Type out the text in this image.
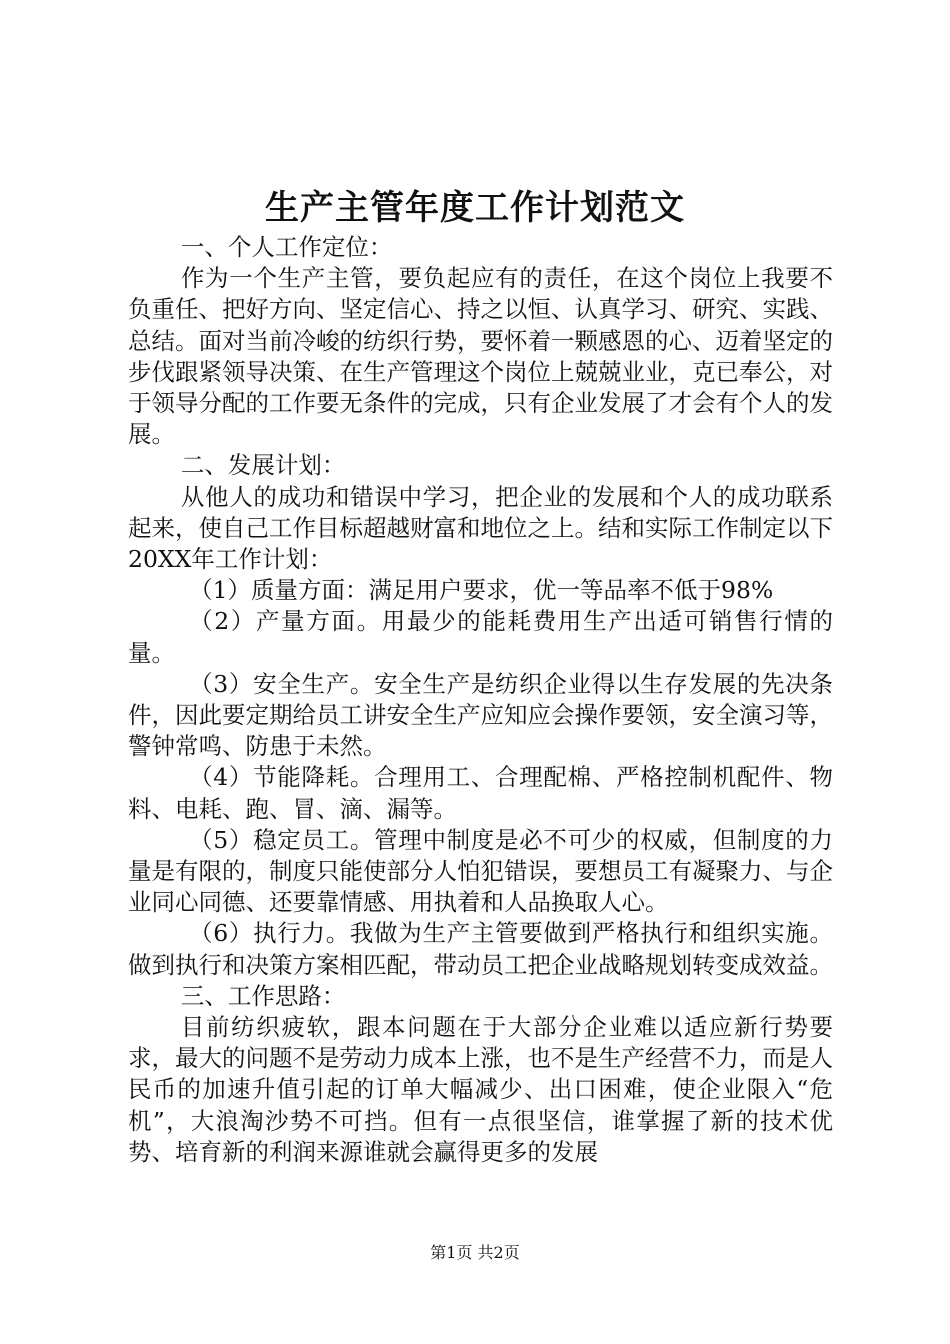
生产主管年度工作计划范文

一、个人工作定位：

作为一个生产主管，要负起应有的责任，在这个岗位上我要不负重任、把好方向、坚定信心、持之以恒、认真学习、研究、实践、总结。面对当前冷峻的纺织行势，要怀着一颗感恩的心、迈着坚定的步伐跟紧领导决策、在生产管理这个岗位上兢兢业业，克已奉公，对于领导分配的工作要无条件的完成，只有企业发展了才会有个人的发展。

二、发展计划：

从他人的成功和错误中学习，把企业的发展和个人的成功联系起来，使自己工作目标超越财富和地位之上。结和实际工作制定以下20XX年工作计划：

（1）质量方面：满足用户要求，优一等品率不低于98%

（2）产量方面。用最少的能耗费用生产出适可销售行情的量。

（3）安全生产。安全生产是纺织企业得以生存发展的先决条件，因此要定期给员工讲安全生产应知应会操作要领，安全演习等，警钟常鸣、防患于未然。

（4）节能降耗。合理用工、合理配棉、严格控制机配件、物料、电耗、跑、冒、滴、漏等。

（5）稳定员工。管理中制度是必不可少的权威，但制度的力量是有限的，制度只能使部分人怕犯错误，要想员工有凝聚力、与企业同心同德、还要靠情感、用执着和人品换取人心。

（6）执行力。我做为生产主管要做到严格执行和组织实施。做到执行和决策方案相匹配，带动员工把企业战略规划转变成效益。

三、工作思路：

目前纺织疲软，跟本问题在于大部分企业难以适应新行势要求，最大的问题不是劳动力成本上涨，也不是生产经营不力，而是人民币的加速升值引起的订单大幅减少、出口困难，使企业限入“危机”，大浪淘沙势不可挡。但有一点很坚信，谁掌握了新的技术优势、培育新的利润来源谁就会赢得更多的发展

第1页 共2页
